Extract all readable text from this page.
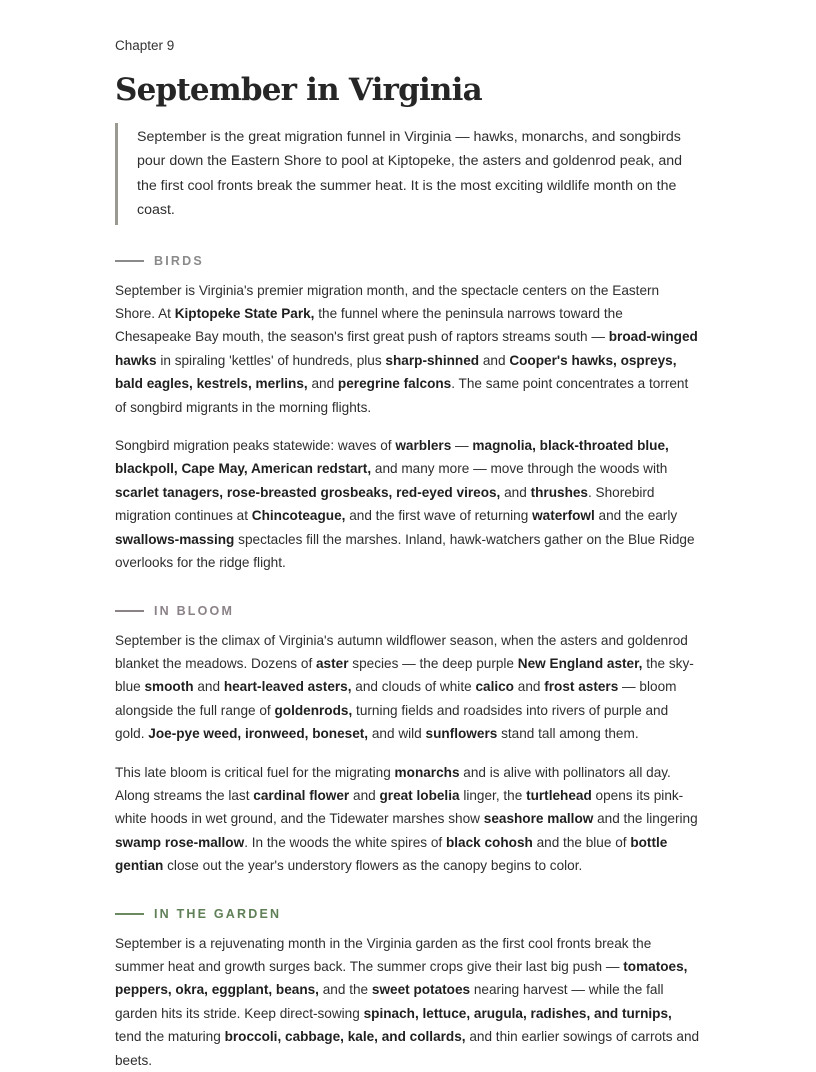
Chapter 9
September in Virginia
September is the great migration funnel in Virginia — hawks, monarchs, and songbirds pour down the Eastern Shore to pool at Kiptopeke, the asters and goldenrod peak, and the first cool fronts break the summer heat. It is the most exciting wildlife month on the coast.
BIRDS

September is Virginia's premier migration month, and the spectacle centers on the Eastern Shore. At Kiptopeke State Park, the funnel where the peninsula narrows toward the Chesapeake Bay mouth, the season's first great push of raptors streams south — broad-winged hawks in spiraling 'kettles' of hundreds, plus sharp-shinned and Cooper's hawks, ospreys, bald eagles, kestrels, merlins, and peregrine falcons. The same point concentrates a torrent of songbird migrants in the morning flights.

Songbird migration peaks statewide: waves of warblers — magnolia, black-throated blue, blackpoll, Cape May, American redstart, and many more — move through the woods with scarlet tanagers, rose-breasted grosbeaks, red-eyed vireos, and thrushes. Shorebird migration continues at Chincoteague, and the first wave of returning waterfowl and the early swallows-massing spectacles fill the marshes. Inland, hawk-watchers gather on the Blue Ridge overlooks for the ridge flight.

IN BLOOM

September is the climax of Virginia's autumn wildflower season, when the asters and goldenrod blanket the meadows. Dozens of aster species — the deep purple New England aster, the sky-blue smooth and heart-leaved asters, and clouds of white calico and frost asters — bloom alongside the full range of goldenrods, turning fields and roadsides into rivers of purple and gold. Joe-pye weed, ironweed, boneset, and wild sunflowers stand tall among them.

This late bloom is critical fuel for the migrating monarchs and is alive with pollinators all day. Along streams the last cardinal flower and great lobelia linger, the turtlehead opens its pink-white hoods in wet ground, and the Tidewater marshes show seashore mallow and the lingering swamp rose-mallow. In the woods the white spires of black cohosh and the blue of bottle gentian close out the year's understory flowers as the canopy begins to color.

IN THE GARDEN

September is a rejuvenating month in the Virginia garden as the first cool fronts break the summer heat and growth surges back. The summer crops give their last big push — tomatoes, peppers, okra, eggplant, beans, and the sweet potatoes nearing harvest — while the fall garden hits its stride. Keep direct-sowing spinach, lettuce, arugula, radishes, and turnips, tend the maturing broccoli, cabbage, kale, and collards, and thin earlier sowings of carrots and beets.
